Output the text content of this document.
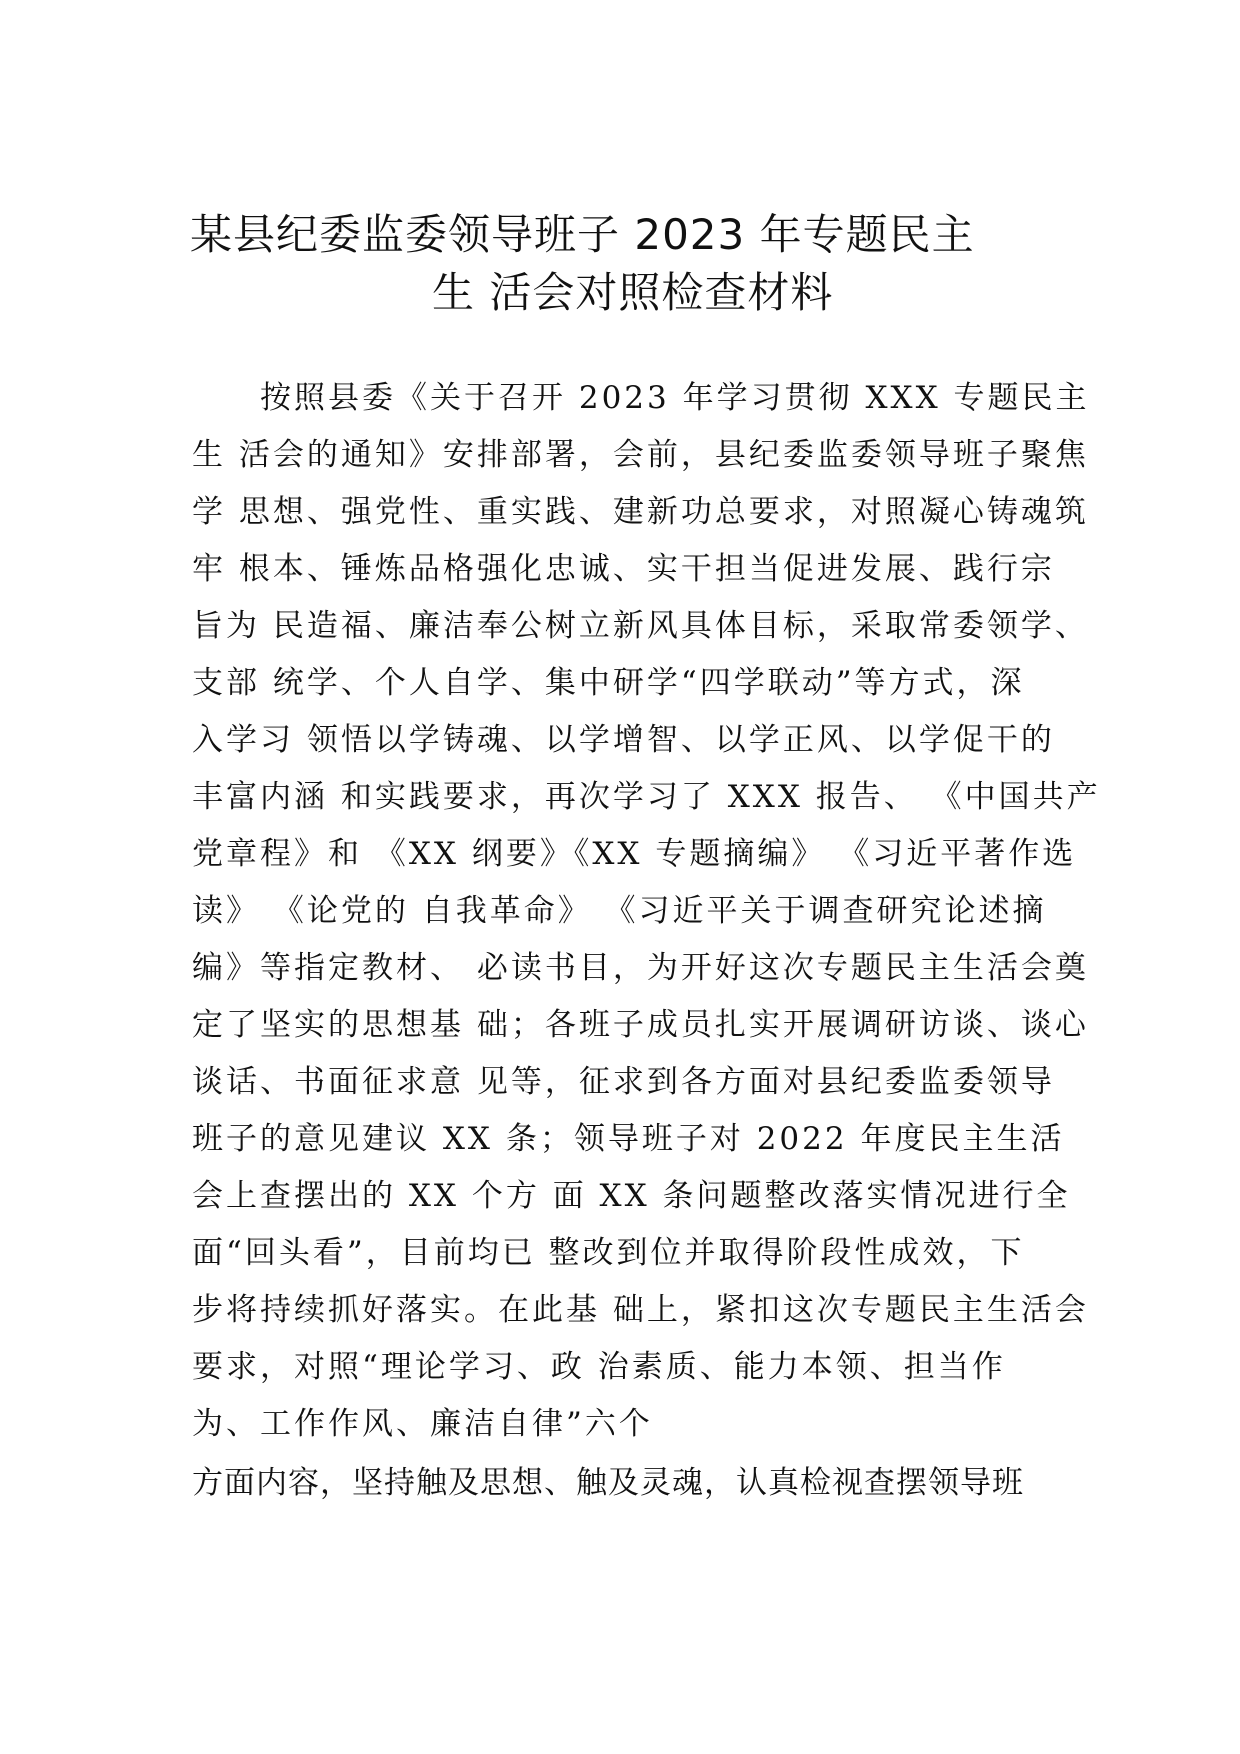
某县纪委监委领导班子 2023 年专题民主
生 活会对照检查材料
按照县委《关于召开 2023 年学习贯彻 XXX 专题民主
生 活会的通知》安排部署，会前，县纪委监委领导班子聚焦
学 思想、强党性、重实践、建新功总要求，对照凝心铸魂筑
牢 根本、锤炼品格强化忠诚、实干担当促进发展、践行宗
旨为 民造福、廉洁奉公树立新风具体目标，采取常委领学、
支部 统学、个人自学、集中研学“四学联动”等方式，深
入学习 领悟以学铸魂、以学增智、以学正风、以学促干的
丰富内涵 和实践要求，再次学习了 XXX 报告、 《中国共产
党章程》和 《XX 纲要》《XX 专题摘编》 《习近平著作选
读》 《论党的 自我革命》 《习近平关于调查研究论述摘
编》等指定教材、 必读书目，为开好这次专题民主生活会奠
定了坚实的思想基 础；各班子成员扎实开展调研访谈、谈心
谈话、书面征求意 见等，征求到各方面对县纪委监委领导
班子的意见建议 XX 条；领导班子对 2022 年度民主生活
会上查摆出的 XX 个方 面 XX 条问题整改落实情况进行全
面“回头看”，目前均已 整改到位并取得阶段性成效，下
步将持续抓好落实。在此基 础上，紧扣这次专题民主生活会
要求，对照“理论学习、政 治素质、能力本领、担当作
为、工作作风、廉洁自律”六个
方面内容，坚持触及思想、触及灵魂，认真检视查摆领导班
